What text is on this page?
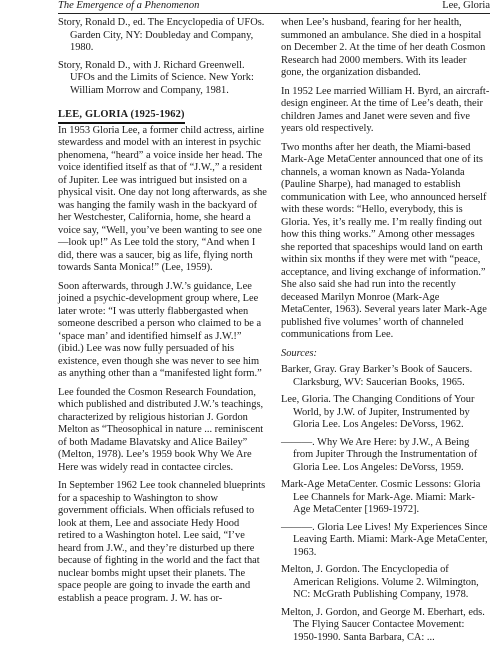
The Emergence of a Phenomenon	Lee, Gloria

Story, Ronald D., ed. The Encyclopedia of UFOs. Garden City, NY: Doubleday and Company, 1980.

Story, Ronald D., with J. Richard Greenwell. UFOs and the Limits of Science. New York: William Morrow and Company, 1981.

LEE, GLORIA (1925-1962)

In 1953 Gloria Lee, a former child actress, airline stewardess and model with an interest in psychic phenomena, “heard” a voice inside her head. The voice identified itself as that of “J.W.,” a resident of Jupiter. Lee was intrigued but insisted on a physical visit. One day not long afterwards, as she was hanging the family wash in the backyard of her Westchester, California, home, she heard a voice say, “Well, you’ve been wanting to see one—look up!” As Lee told the story, “And when I did, there was a saucer, big as life, flying north towards Santa Monica!” (Lee, 1959).

Soon afterwards, through J.W.’s guidance, Lee joined a psychic-development group where, Lee later wrote: “I was utterly flabbergasted when someone described a person who claimed to be a ‘space man’ and identified himself as J.W.!” (ibid.) Lee was now fully persuaded of his existence, even though she was never to see him as anything other than a “manifested light form.”

Lee founded the Cosmon Research Foundation, which published and distributed J.W.’s teachings, characterized by religious historian J. Gordon Melton as “Theosophical in nature ... reminiscent of both Madame Blavatsky and Alice Bailey” (Melton, 1978). Lee’s 1959 book Why We Are Here was widely read in contactee circles.

In September 1962 Lee took channeled blueprints for a spaceship to Washington to show government officials. When officials refused to look at them, Lee and associate Hedy Hood retired to a Washington hotel. Lee said, “I’ve heard from J.W., and they’re disturbed up there because of fighting in the world and the fact that nuclear bombs might upset their planets. The space people are going to invade the earth and establish a peace program. J. W. has or-

when Lee’s husband, fearing for her health, summoned an ambulance. She died in a hospital on December 2. At the time of her death Cosmon Research had 2000 members. With its leader gone, the organization disbanded.

In 1952 Lee married William H. Byrd, an aircraft-design engineer. At the time of Lee’s death, their children James and Janet were seven and five years old respectively.

Two months after her death, the Miami-based Mark-Age MetaCenter announced that one of its channels, a woman known as Nada-Yolanda (Pauline Sharpe), had managed to establish communication with Lee, who announced herself with these words: “Hello, everybody, this is Gloria. Yes, it’s really me. I’m really finding out how this thing works.” Among other messages she reported that spaceships would land on earth within six months if they were met with “peace, acceptance, and living exchange of information.” She also said she had run into the recently deceased Marilyn Monroe (Mark-Age MetaCenter, 1963). Several years later Mark-Age published five volumes’ worth of channeled communications from Lee.

Sources:

Barker, Gray. Gray Barker’s Book of Saucers. Clarksburg, WV: Saucerian Books, 1965.

Lee, Gloria. The Changing Conditions of Your World, by J.W. of Jupiter, Instrumented by Gloria Lee. Los Angeles: DeVorss, 1962.

———. Why We Are Here: by J.W., A Being from Jupiter Through the Instrumentation of Gloria Lee. Los Angeles: DeVorss, 1959.

Mark-Age MetaCenter. Cosmic Lessons: Gloria Lee Channels for Mark-Age. Miami: Mark-Age MetaCenter [1969-1972].

———. Gloria Lee Lives! My Experiences Since Leaving Earth. Miami: Mark-Age MetaCenter, 1963.

Melton, J. Gordon. The Encyclopedia of American Religions. Volume 2. Wilmington, NC: McGrath Publishing Company, 1978.

Melton, J. Gordon, and George M. Eberhart, eds. The Flying Saucer Contactee Movement: 1950-1990. Santa Barbara, CA: ...
